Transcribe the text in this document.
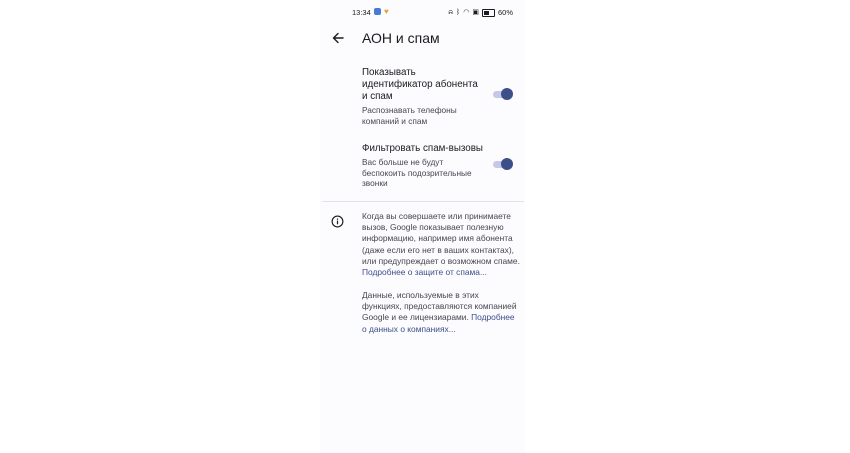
13:34 ♥	⍾ ᛒ ◠ ▣	60%
АОН и спам
Показывать идентификатор абонента и спам
Распознавать телефоны компаний и спам
Фильтровать спам-вызовы
Вас больше не будут беспокоить подозрительные звонки
Когда вы совершаете или принимаете вызов, Google показывает полезную информацию, например имя абонента (даже если его нет в ваших контактах), или предупреждает о возможном спаме. Подробнее о защите от спама...
Данные, используемые в этих функциях, предоставляются компанией Google и ее лицензиарами. Подробнее о данных о компаниях...
